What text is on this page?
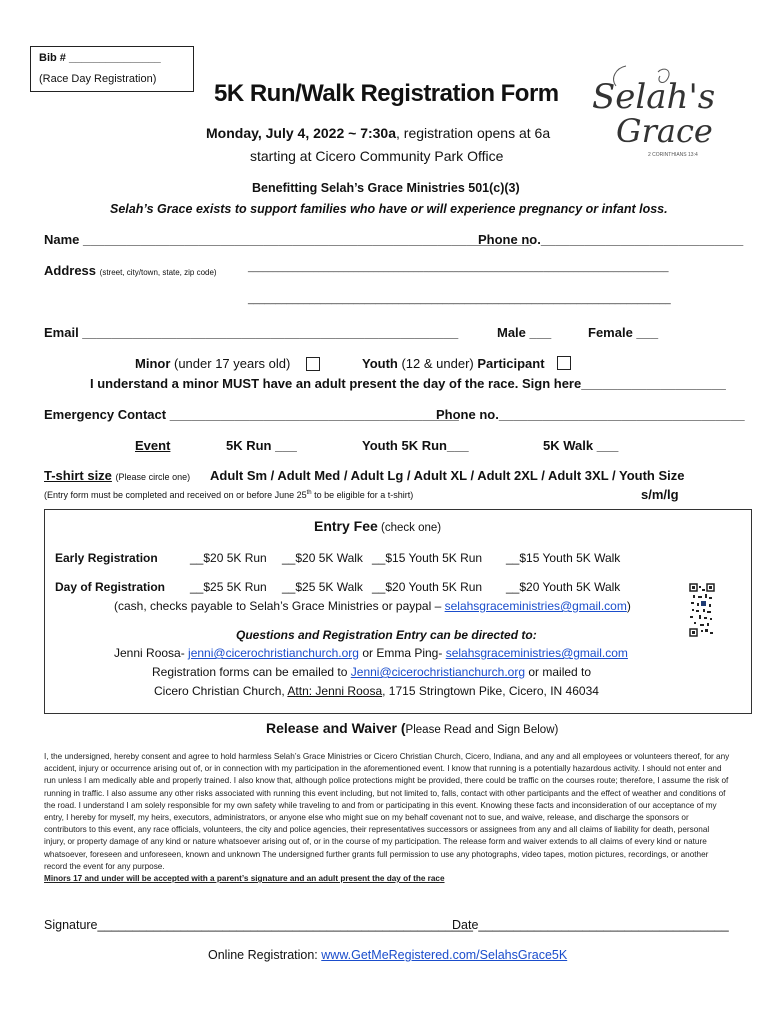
Bib # _______________
(Race Day Registration)
5K Run/Walk Registration Form
Monday, July 4, 2022 ~ 7:30a, registration opens at 6a
starting at Cicero Community Park Office
Benefitting Selah’s Grace Ministries 501(c)(3)
Selah’s Grace exists to support families who have or will experience pregnancy or infant loss.
Selah's
Grace
2 CORINTHIANS 13:4
Name ______________________________________________________________
Phone no.____________________________
Address (street, city/town, state, zip code)
____________________________________________________________________________________
____________________________________________________________________________
Email ____________________________________________________	Male ___	Female ___
Minor (under 17 years old)	Youth (12 & under) Participant
I understand a minor MUST have an adult present the day of the race. Sign here____________________
Emergency Contact ________________________________________
Phone no.__________________________________
Event	5K Run ___	Youth 5K Run___	5K Walk ___
T-shirt size (Please circle one) Adult Sm / Adult Med / Adult Lg / Adult XL / Adult 2XL / Adult 3XL / Youth Size
(Entry form must be completed and received on or before June 25th to be eligible for a t-shirt)	s/m/lg
Entry Fee (check one)
Early Registration	__$20 5K Run __$20 5K Walk __$15 Youth 5K Run __$15 Youth 5K Walk
Day of Registration __$25 5K Run __$25 5K Walk __$20 Youth 5K Run __$20 Youth 5K Walk
(cash, checks payable to Selah’s Grace Ministries or paypal – selahsgraceministries@gmail.com)
Questions and Registration Entry can be directed to:
Jenni Roosa- jenni@cicerochristianchurch.org or Emma Ping- selahsgraceministries@gmail.com
Registration forms can be emailed to Jenni@cicerochristianchurch.org or mailed to
Cicero Christian Church, Attn: Jenni Roosa, 1715 Stringtown Pike, Cicero, IN 46034
Release and Waiver (Please Read and Sign Below)
I, the undersigned, hereby consent and agree to hold harmless Selah’s Grace Ministries or Cicero Christian Church, Cicero, Indiana, and any and all employees or volunteers thereof, for any accident, injury or occurrence arising out of, or in connection with my participation in the aforementioned event. I know that running is a potentially hazardous activity. I should not enter and run unless I am medically able and properly trained. I also know that, although police protections might be provided, there could be traffic on the courses route; therefore, I assume the risk of running in traffic. I also assume any other risks associated with running this event including, but not limited to, falls, contact with other participants and the effect of weather and conditions of the road. I understand I am solely responsible for my own safety while traveling to and from or participating in this event. Knowing these facts and inconsideration of our acceptance of my entry, I hereby for myself, my heirs, executors, administrators, or anyone else who might sue on my behalf covenant not to sue, and waive, release, and discharge the sponsors or contributors to this event, any race officials, volunteers, the city and police agencies, their representatives successors or assignees from any and all claims of liability for death, personal injury, or property damage of any kind or nature whatsoever arising out of, or in the course of my participation. The release form and waiver extends to all claims of every kind or nature whatsoever, foreseen and unforeseen, known and unknown The undersigned further grants full permission to use any photographs, video tapes, motion pictures, recordings, or another record the event for any purpose.
Minors 17 and under will be accepted with a parent’s signature and an adult present the day of the race
Signature______________________________________________________
Date____________________________________
Online Registration: www.GetMeRegistered.com/SelahsGrace5K
